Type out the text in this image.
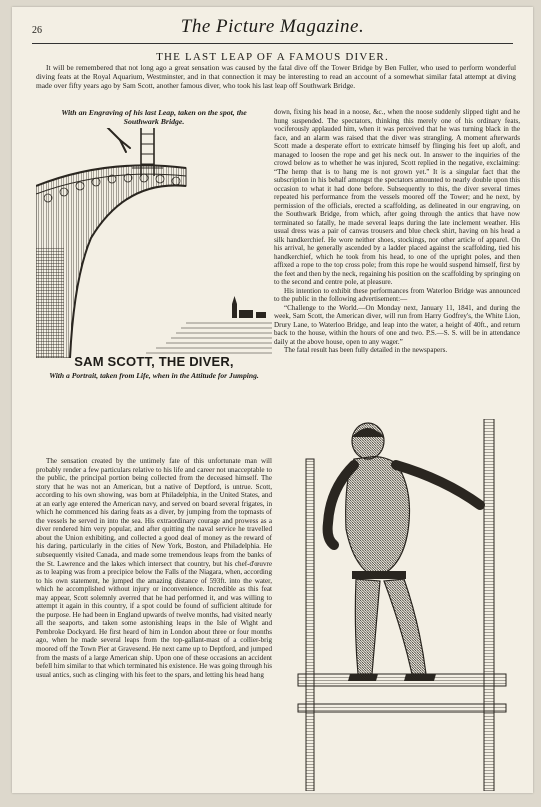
26	The Picture Magazine.
THE LAST LEAP OF A FAMOUS DIVER.

It will be remembered that not long ago a great sensation was caused by the fatal dive off the Tower Bridge by Ben Fuller, who used to perform wonderful diving feats at the Royal Aquarium, Westminster, and in that connection it may be interesting to read an account of a somewhat similar fatal attempt at diving made over fifty years ago by Sam Scott, another famous diver, who took his last leap off Southwark Bridge.

With an Engraving of his last Leap, taken on the spot, the Southwark Bridge.
SAM SCOTT, THE DIVER,
With a Portrait, taken from Life, when in the Attitude for Jumping.

The sensation created by the untimely fate of this unfortunate man will probably render a few particulars relative to his life and career not unacceptable to the public, the principal portion being collected from the deceased himself. The story that he was not an American, but a native of Deptford, is untrue. Scott, according to his own showing, was born at Philadelphia, in the United States, and at an early age entered the American navy, and served on board several frigates, in which he commenced his daring feats as a diver, by jumping from the topmasts of the vessels he served in into the sea. His extraordinary courage and prowess as a diver rendered him very popular, and after quitting the naval service he travelled about the Union exhibiting, and collected a good deal of money as the reward of his daring, particularly in the cities of New York, Boston, and Philadelphia. He subsequently visited Canada, and made some tremendous leaps from the banks of the St. Lawrence and the lakes which intersect that country, but his chef-d'œuvre as to leaping was from a precipice below the Falls of the Niagara, when, according to his own statement, he jumped the amazing distance of 593ft. into the water, which he accomplished without injury or inconvenience. Incredible as this feat may appear, Scott solemnly averred that he had performed it, and was willing to attempt it again in this country, if a spot could be found of sufficient altitude for the purpose. He had been in England upwards of twelve months, had visited nearly all the seaports, and taken some astonishing leaps in the Isle of Wight and Pembroke Dockyard. He first heard of him in London about three or four months ago, when he made several leaps from the top-gallant-mast of a collier-brig moored off the Town Pier at Gravesend. He next came up to Deptford, and jumped from the masts of a large American ship. Upon one of these occasions an accident befell him similar to that which terminated his existence. He was going through his usual antics, such as clinging with his feet to the spars, and letting his head hang

down, fixing his head in a noose, &c., when the noose suddenly slipped tight and he hung suspended. The spectators, thinking this merely one of his ordinary feats, vociferously applauded him, when it was perceived that he was turning black in the face, and an alarm was raised that the diver was strangling. A moment afterwards Scott made a desperate effort to extricate himself by flinging his feet up aloft, and managed to loosen the rope and get his neck out. In answer to the inquiries of the crowd below as to whether he was injured, Scott replied in the negative, exclaiming: “The hemp that is to hang me is not grown yet.” It is a singular fact that the subscription in his behalf amongst the spectators amounted to nearly double upon this occasion to what it had done before. Subsequently to this, the diver several times repeated his performance from the vessels moored off the Tower; and he next, by permission of the officials, erected a scaffolding, as delineated in our engraving, on the Southwark Bridge, from which, after going through the antics that have now terminated so fatally, he made several leaps during the late inclement weather. His usual dress was a pair of canvas trousers and blue check shirt, having on his head a silk handkerchief. He wore neither shoes, stockings, nor other article of apparel. On his arrival, he generally ascended by a ladder placed against the scaffolding, tied his handkerchief, which he took from his head, to one of the upright poles, and then affixed a rope to the top cross pole; from this rope he would suspend himself, first by the feet and then by the neck, regaining his position on the scaffolding by springing on to the second and centre pole, at pleasure.

His intention to exhibit these performances from Waterloo Bridge was announced to the public in the following advertisement:—

“Challenge to the World.—On Monday next, January 11, 1841, and during the week, Sam Scott, the American diver, will run from Harry Godfrey's, the White Lion, Drury Lane, to Waterloo Bridge, and leap into the water, a height of 40ft., and return back to the house, within the hours of one and two. P.S.—S. S. will be in attendance daily at the above house, open to any wager.”

The fatal result has been fully detailed in the newspapers.
